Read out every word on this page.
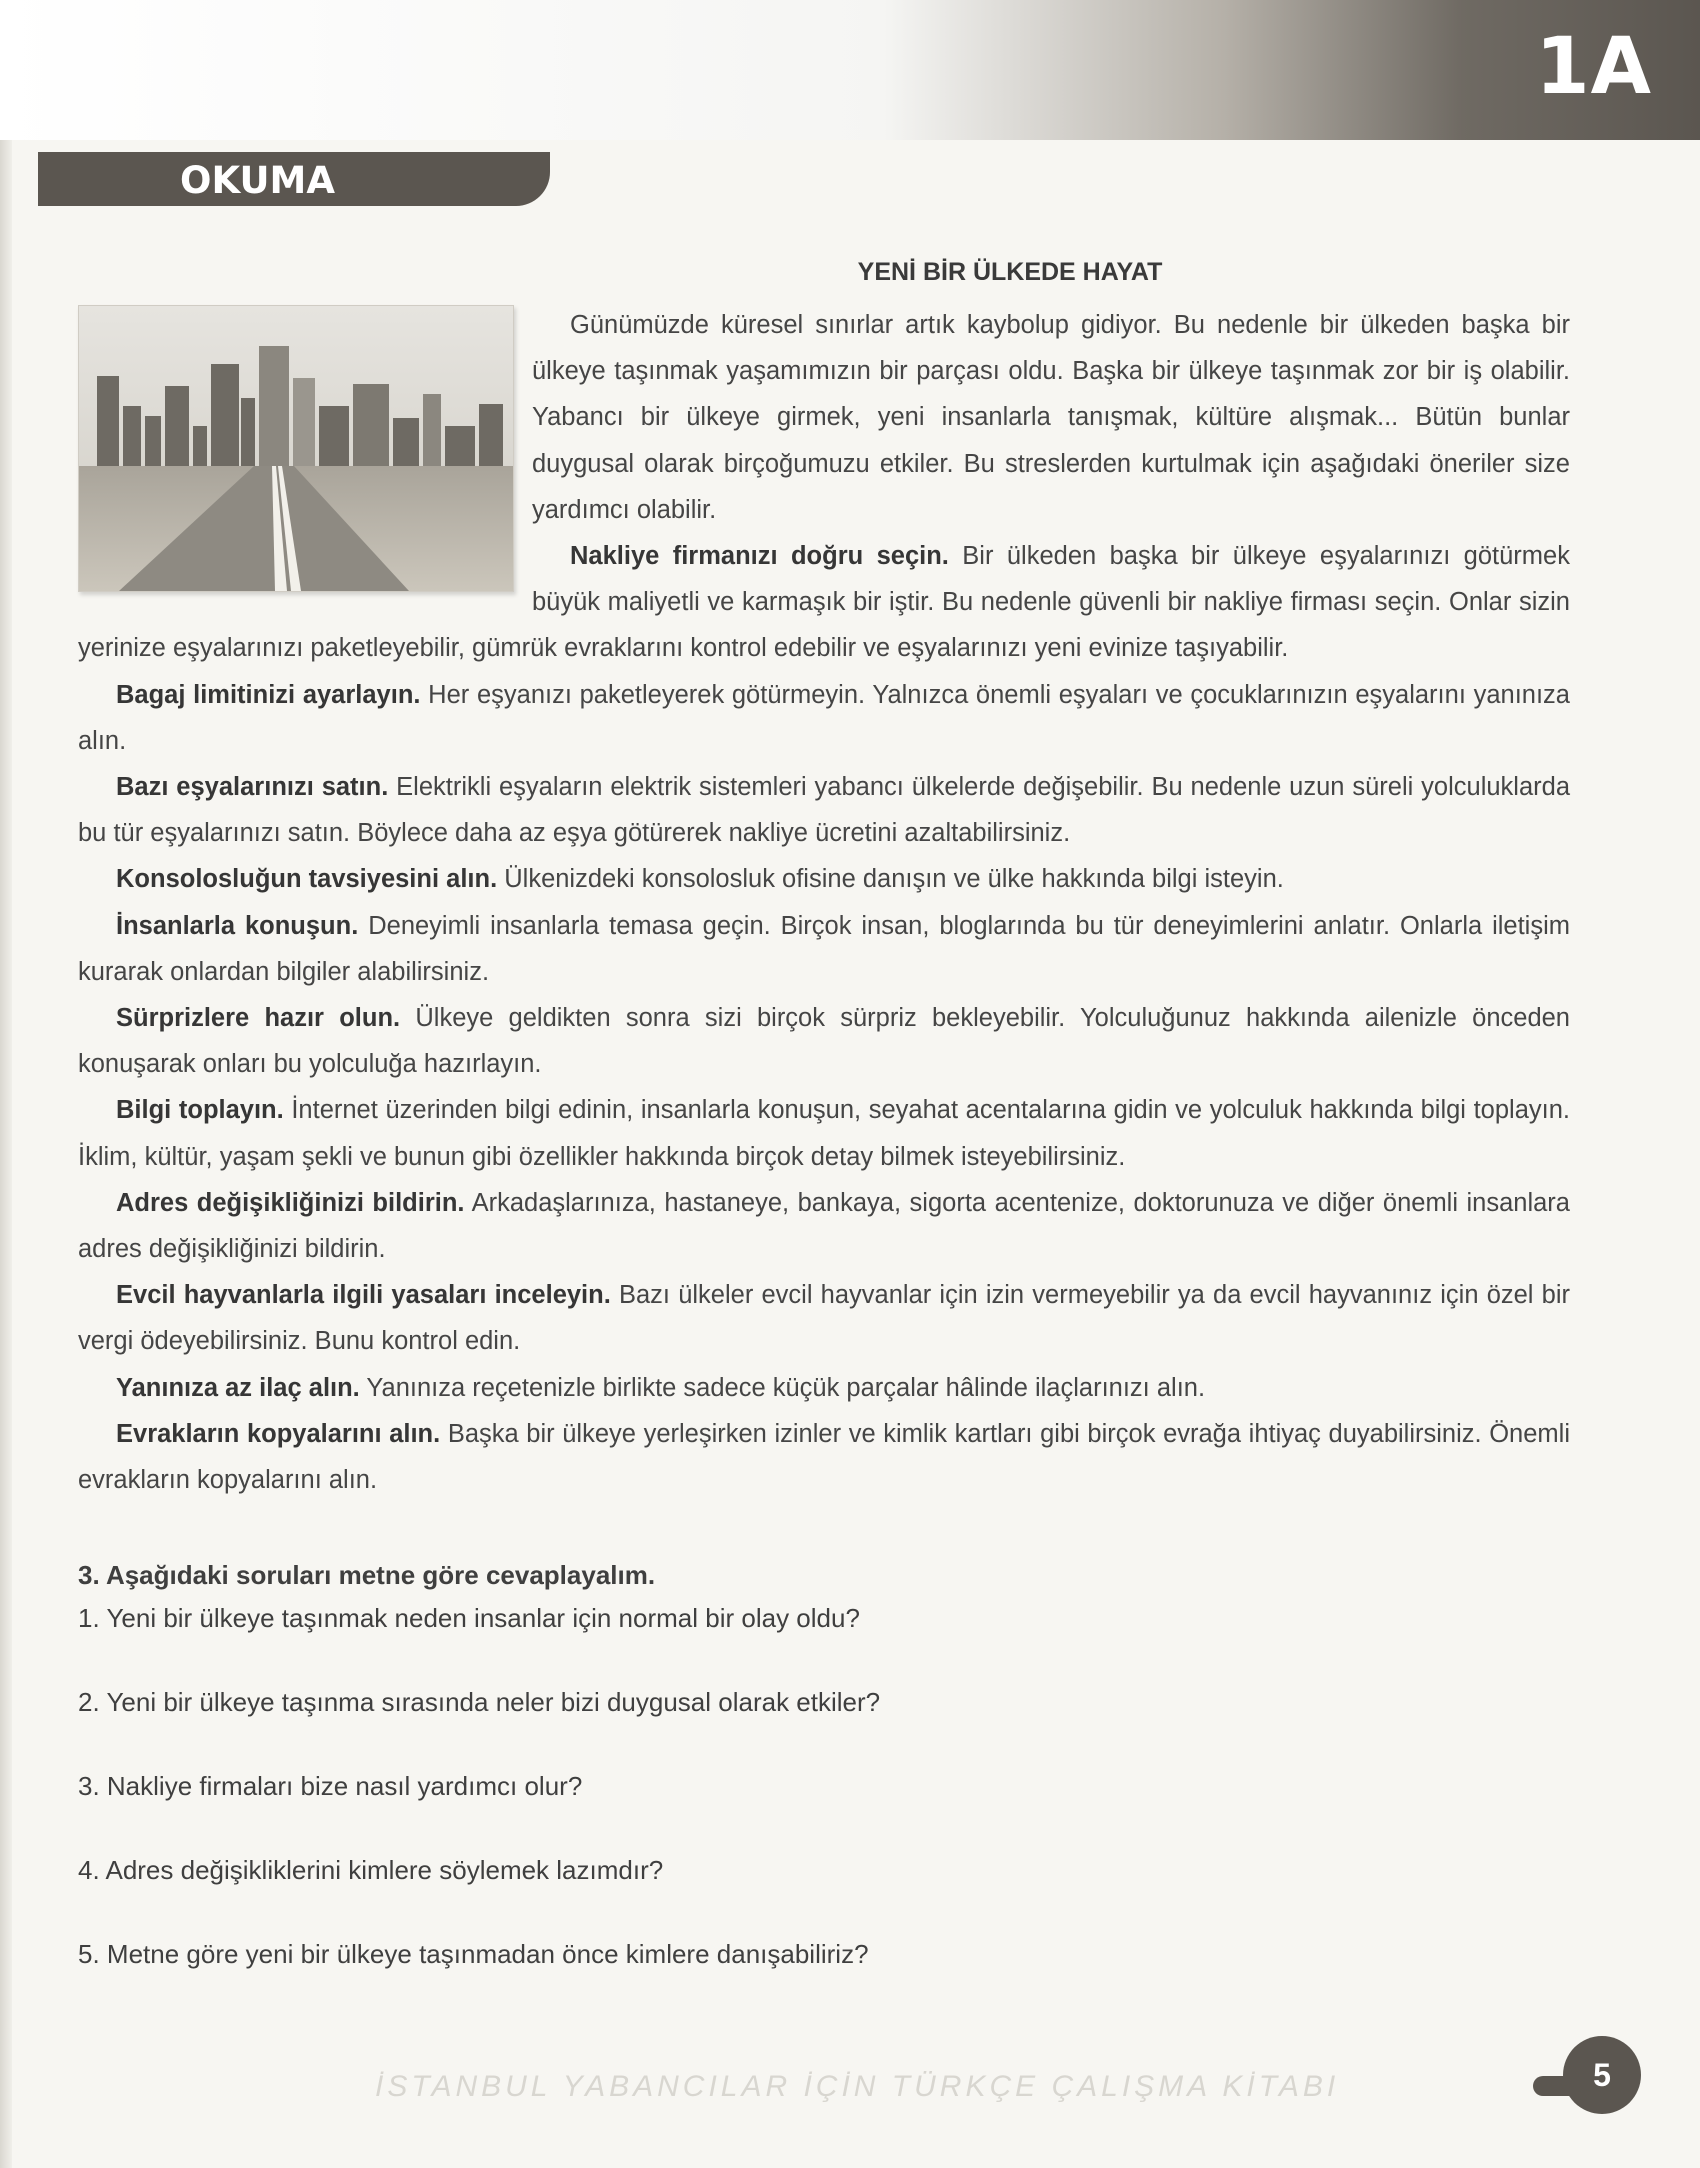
1A
OKUMA
YENİ BİR ÜLKEDE HAYAT

Günümüzde küresel sınırlar artık kaybolup gidiyor. Bu nedenle bir ülkeden başka bir ülkeye taşınmak yaşamımızın bir parçası oldu. Başka bir ülkeye taşınmak zor bir iş olabilir. Yabancı bir ülkeye girmek, yeni insanlarla tanışmak, kültüre alışmak... Bütün bunlar duygusal olarak birçoğumuzu etkiler. Bu streslerden kurtulmak için aşağıdaki öneriler size yardımcı olabilir.

Nakliye firmanızı doğru seçin. Bir ülkeden başka bir ülkeye eşyalarınızı götürmek büyük maliyetli ve karmaşık bir iştir. Bu nedenle güvenli bir nakliye firması seçin. Onlar sizin yerinize eşyalarınızı paketleyebilir, gümrük evraklarını kontrol edebilir ve eşyalarınızı yeni evinize taşıyabilir.

Bagaj limitinizi ayarlayın. Her eşyanızı paketleyerek götürmeyin. Yalnızca önemli eşyaları ve çocuklarınızın eşyalarını yanınıza alın.

Bazı eşyalarınızı satın. Elektrikli eşyaların elektrik sistemleri yabancı ülkelerde değişebilir. Bu nedenle uzun süreli yolculuklarda bu tür eşyalarınızı satın. Böylece daha az eşya götürerek nakliye ücretini azaltabilirsiniz.

Konsolosluğun tavsiyesini alın. Ülkenizdeki konsolosluk ofisine danışın ve ülke hakkında bilgi isteyin.

İnsanlarla konuşun. Deneyimli insanlarla temasa geçin. Birçok insan, bloglarında bu tür deneyimlerini anlatır. Onlarla iletişim kurarak onlardan bilgiler alabilirsiniz.

Sürprizlere hazır olun. Ülkeye geldikten sonra sizi birçok sürpriz bekleyebilir. Yolculuğunuz hakkında ailenizle önceden konuşarak onları bu yolculuğa hazırlayın.

Bilgi toplayın. İnternet üzerinden bilgi edinin, insanlarla konuşun, seyahat acentalarına gidin ve yolculuk hakkında bilgi toplayın. İklim, kültür, yaşam şekli ve bunun gibi özellikler hakkında birçok detay bilmek isteyebilirsiniz.

Adres değişikliğinizi bildirin. Arkadaşlarınıza, hastaneye, bankaya, sigorta acentenize, doktorunuza ve diğer önemli insanlara adres değişikliğinizi bildirin.

Evcil hayvanlarla ilgili yasaları inceleyin. Bazı ülkeler evcil hayvanlar için izin vermeyebilir ya da evcil hayvanınız için özel bir vergi ödeyebilirsiniz. Bunu kontrol edin.

Yanınıza az ilaç alın. Yanınıza reçetenizle birlikte sadece küçük parçalar hâlinde ilaçlarınızı alın.

Evrakların kopyalarını alın. Başka bir ülkeye yerleşirken izinler ve kimlik kartları gibi birçok evrağa ihtiyaç duyabilirsiniz. Önemli evrakların kopyalarını alın.

3. Aşağıdaki soruları metne göre cevaplayalım.

1. Yeni bir ülkeye taşınmak neden insanlar için normal bir olay oldu?

2. Yeni bir ülkeye taşınma sırasında neler bizi duygusal olarak etkiler?

3. Nakliye firmaları bize nasıl yardımcı olur?

4. Adres değişikliklerini kimlere söylemek lazımdır?

5. Metne göre yeni bir ülkeye taşınmadan önce kimlere danışabiliriz?

İSTANBUL YABANCILAR İÇİN TÜRKÇE ÇALIŞMA KİTABI	5
